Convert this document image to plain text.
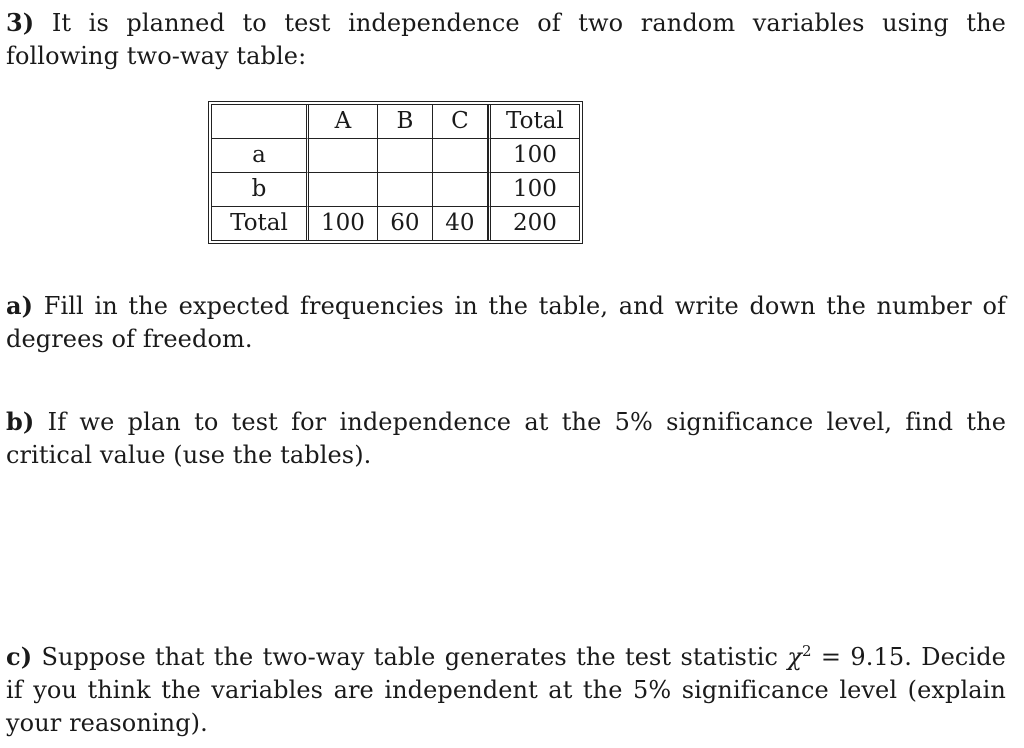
3) It is planned to test independence of two random variables using the following two-way table:
	A	B	C	Total
a				100
b				100
Total	100	60	40	200
a) Fill in the expected frequencies in the table, and write down the number of degrees of freedom.
b) If we plan to test for independence at the 5% significance level, find the critical value (use the tables).
c) Suppose that the two-way table generates the test statistic $\chi^2 = 9.15$. Decide if you think the variables are independent at the 5% significance level (explain your reasoning).
